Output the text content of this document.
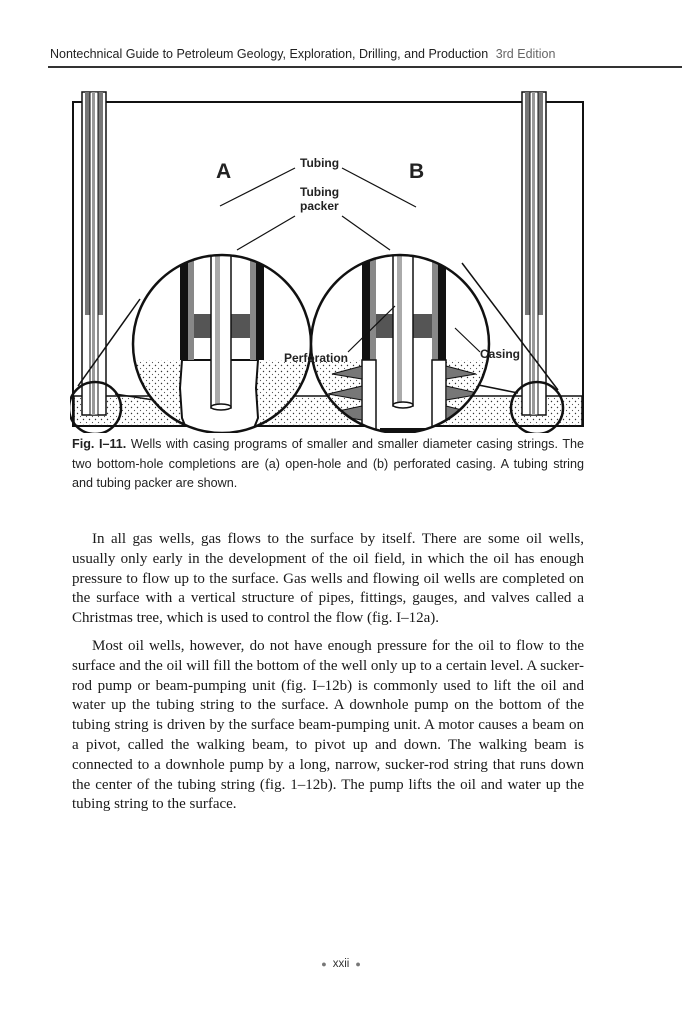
Nontechnical Guide to Petroleum Geology, Exploration, Drilling, and Production 3rd Edition
A	B
Tubing
Tubing
packer
Perforation	Casing
Fig. I–11. Wells with casing programs of smaller and smaller diameter casing strings. The two bottom-hole completions are (a) open-hole and (b) perforated casing. A tubing string and tubing packer are shown.

In all gas wells, gas flows to the surface by itself. There are some oil wells, usually only early in the development of the oil field, in which the oil has enough pressure to flow up to the surface. Gas wells and flowing oil wells are completed on the surface with a vertical structure of pipes, fittings, gauges, and valves called a Christmas tree, which is used to control the flow (fig. I–12a).

Most oil wells, however, do not have enough pressure for the oil to flow to the surface and the oil will fill the bottom of the well only up to a certain level. A sucker-rod pump or beam-pumping unit (fig. I–12b) is commonly used to lift the oil and water up the tubing string to the surface. A downhole pump on the bottom of the tubing string is driven by the surface beam-pumping unit. A motor causes a beam on a pivot, called the walking beam, to pivot up and down. The walking beam is connected to a downhole pump by a long, narrow, sucker-rod string that runs down the center of the tubing string (fig. 1–12b). The pump lifts the oil and water up the tubing string to the surface.

● xxii ●
